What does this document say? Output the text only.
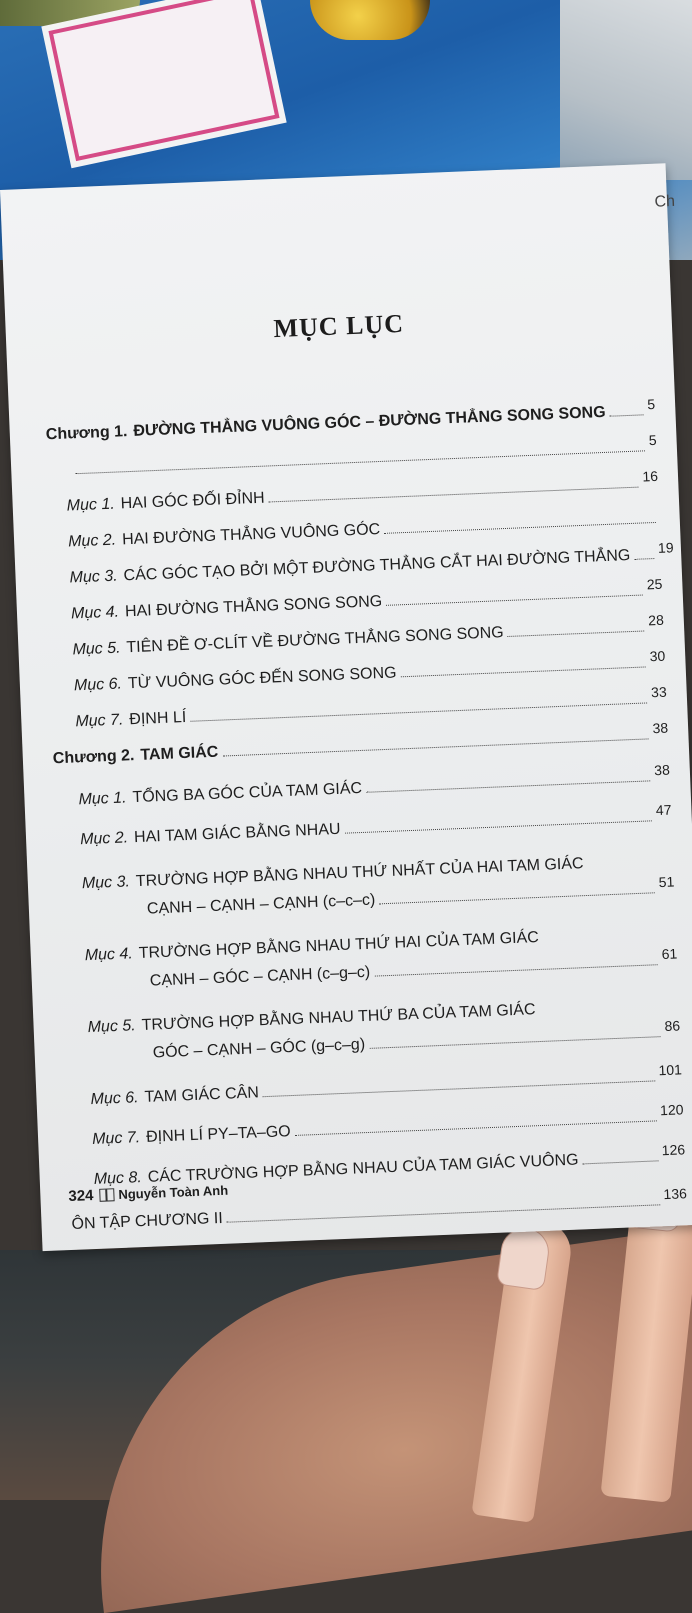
Ch
MỤC LỤC
Chương 1. ĐƯỜNG THẲNG VUÔNG GÓC – ĐƯỜNG THẲNG SONG SONG	5
5
Mục 1. HAI GÓC ĐỐI ĐỈNH
16
Mục 2. HAI ĐƯỜNG THẲNG VUÔNG GÓC
Mục 3. CÁC GÓC TẠO BỞI MỘT ĐƯỜNG THẲNG CẮT HAI ĐƯỜNG THẲNG 19
Mục 4. HAI ĐƯỜNG THẲNG SONG SONG
25
Mục 5. TIÊN ĐỀ Ơ-CLÍT VỀ ĐƯỜNG THẲNG SONG SONG
28
Mục 6. TỪ VUÔNG GÓC ĐẾN SONG SONG
30
Mục 7. ĐỊNH LÍ
33
Chương 2. TAM GIÁC
38
Mục 1. TỔNG BA GÓC CỦA TAM GIÁC
38
Mục 2. HAI TAM GIÁC BẰNG NHAU
47
Mục 3. TRƯỜNG HỢP BẰNG NHAU THỨ NHẤT CỦA HAI TAM GIÁC
CẠNH – CẠNH – CẠNH (c–c–c)
51
Mục 4. TRƯỜNG HỢP BẰNG NHAU THỨ HAI CỦA TAM GIÁC
CẠNH – GÓC – CẠNH (c–g–c)
61
Mục 5. TRƯỜNG HỢP BẰNG NHAU THỨ BA CỦA TAM GIÁC
GÓC – CẠNH – GÓC (g–c–g)
86
Mục 6. TAM GIÁC CÂN
101
Mục 7. ĐỊNH LÍ PY–TA–GO
120
Mục 8. CÁC TRƯỜNG HỢP BẰNG NHAU CỦA TAM GIÁC VUÔNG
126
ÔN TẬP CHƯƠNG II
136
324 Nguyễn Toàn Anh
